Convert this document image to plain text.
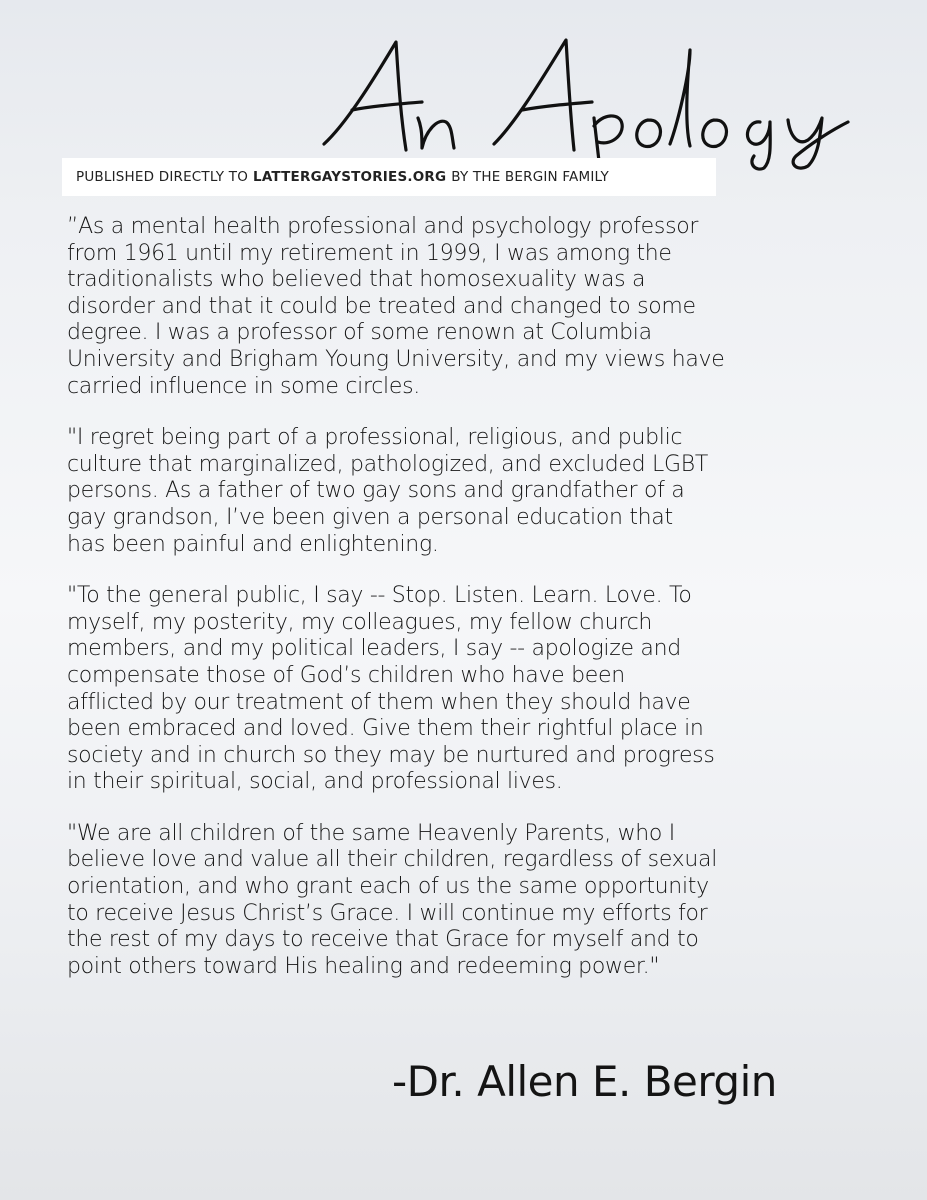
PUBLISHED DIRECTLY TO LATTERGAYSTORIES.ORG BY THE BERGIN FAMILY

”As a mental health professional and psychology professor
from 1961 until my retirement in 1999, I was among the
traditionalists who believed that homosexuality was a
disorder and that it could be treated and changed to some
degree. I was a professor of some renown at Columbia
University and Brigham Young University, and my views have
carried influence in some circles.

"I regret being part of a professional, religious, and public
culture that marginalized, pathologized, and excluded LGBT
persons. As a father of two gay sons and grandfather of a
gay grandson, I’ve been given a personal education that
has been painful and enlightening.

"To the general public, I say -- Stop. Listen. Learn. Love. To
myself, my posterity, my colleagues, my fellow church
members, and my political leaders, I say -- apologize and
compensate those of God’s children who have been
afflicted by our treatment of them when they should have
been embraced and loved. Give them their rightful place in
society and in church so they may be nurtured and progress
in their spiritual, social, and professional lives.

"We are all children of the same Heavenly Parents, who I
believe love and value all their children, regardless of sexual
orientation, and who grant each of us the same opportunity
to receive Jesus Christ’s Grace. I will continue my efforts for
the rest of my days to receive that Grace for myself and to
point others toward His healing and redeeming power."

-Dr. Allen E. Bergin
